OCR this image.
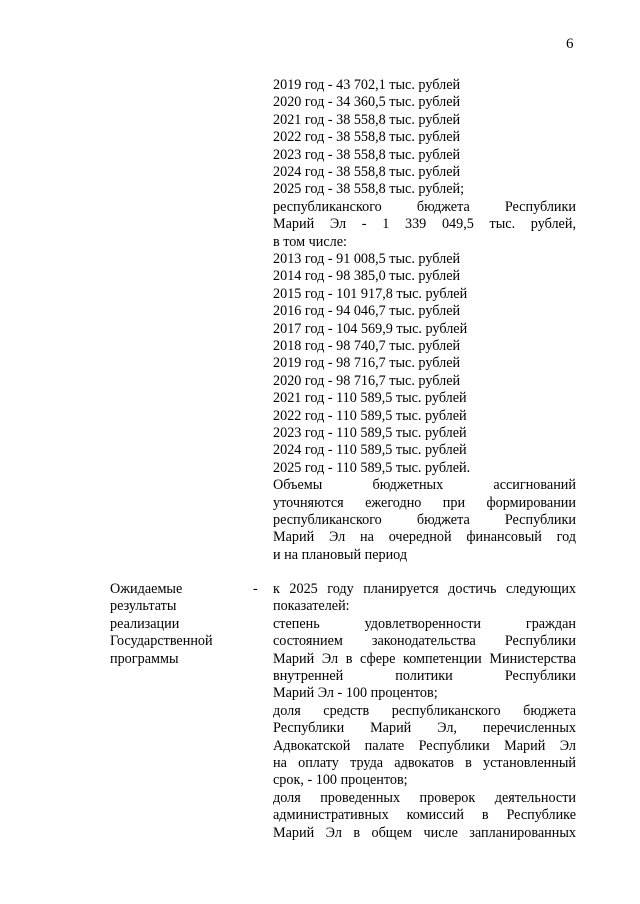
6
2019 год - 43 702,1 тыс. рублей
2020 год - 34 360,5 тыс. рублей
2021 год - 38 558,8 тыс. рублей
2022 год - 38 558,8 тыс. рублей
2023 год - 38 558,8 тыс. рублей
2024 год - 38 558,8 тыс. рублей
2025 год - 38 558,8 тыс. рублей;
республиканского бюджета Республики
Марий Эл - 1 339 049,5 тыс. рублей,
в том числе:
2013 год - 91 008,5 тыс. рублей
2014 год - 98 385,0 тыс. рублей
2015 год - 101 917,8 тыс. рублей
2016 год - 94 046,7 тыс. рублей
2017 год - 104 569,9 тыс. рублей
2018 год - 98 740,7 тыс. рублей
2019 год - 98 716,7 тыс. рублей
2020 год - 98 716,7 тыс. рублей
2021 год - 110 589,5 тыс. рублей
2022 год - 110 589,5 тыс. рублей
2023 год - 110 589,5 тыс. рублей
2024 год - 110 589,5 тыс. рублей
2025 год - 110 589,5 тыс. рублей.
Объемы бюджетных ассигнований
уточняются ежегодно при формировании
республиканского бюджета Республики
Марий Эл на очередной финансовый год
и на плановый период
Ожидаемые
результаты
реализации
Государственной
программы
- к 2025 году планируется достичь следующих
показателей:
степень удовлетворенности граждан
состоянием законодательства Республики
Марий Эл в сфере компетенции Министерства
внутренней политики Республики
Марий Эл - 100 процентов;
доля средств республиканского бюджета
Республики Марий Эл, перечисленных
Адвокатской палате Республики Марий Эл
на оплату труда адвокатов в установленный
срок, - 100 процентов;
доля проведенных проверок деятельности
административных комиссий в Республике
Марий Эл в общем числе запланированных
